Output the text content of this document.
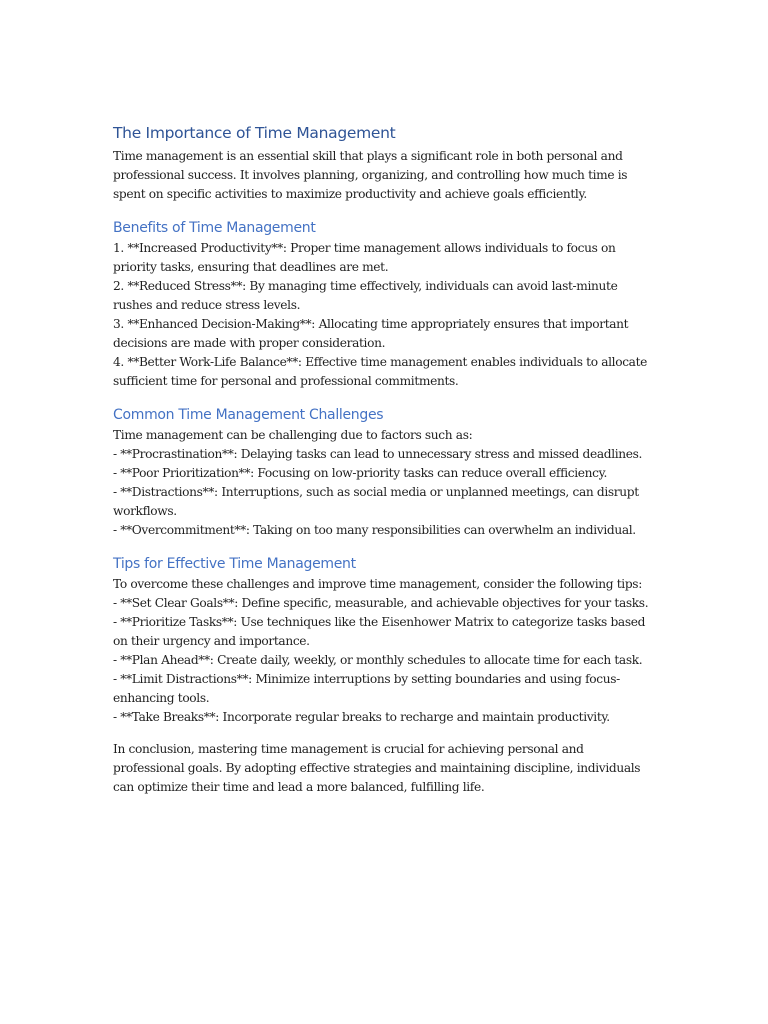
The Importance of Time Management

Time management is an essential skill that plays a significant role in both personal and professional success. It involves planning, organizing, and controlling how much time is spent on specific activities to maximize productivity and achieve goals efficiently.

Benefits of Time Management

1. **Increased Productivity**: Proper time management allows individuals to focus on priority tasks, ensuring that deadlines are met.

2. **Reduced Stress**: By managing time effectively, individuals can avoid last-minute rushes and reduce stress levels.

3. **Enhanced Decision-Making**: Allocating time appropriately ensures that important decisions are made with proper consideration.

4. **Better Work-Life Balance**: Effective time management enables individuals to allocate sufficient time for personal and professional commitments.

Common Time Management Challenges

Time management can be challenging due to factors such as:

- **Procrastination**: Delaying tasks can lead to unnecessary stress and missed deadlines.

- **Poor Prioritization**: Focusing on low-priority tasks can reduce overall efficiency.

- **Distractions**: Interruptions, such as social media or unplanned meetings, can disrupt workflows.

- **Overcommitment**: Taking on too many responsibilities can overwhelm an individual.

Tips for Effective Time Management

To overcome these challenges and improve time management, consider the following tips:

- **Set Clear Goals**: Define specific, measurable, and achievable objectives for your tasks.

- **Prioritize Tasks**: Use techniques like the Eisenhower Matrix to categorize tasks based on their urgency and importance.

- **Plan Ahead**: Create daily, weekly, or monthly schedules to allocate time for each task.

- **Limit Distractions**: Minimize interruptions by setting boundaries and using focus-enhancing tools.

- **Take Breaks**: Incorporate regular breaks to recharge and maintain productivity.

In conclusion, mastering time management is crucial for achieving personal and professional goals. By adopting effective strategies and maintaining discipline, individuals can optimize their time and lead a more balanced, fulfilling life.
